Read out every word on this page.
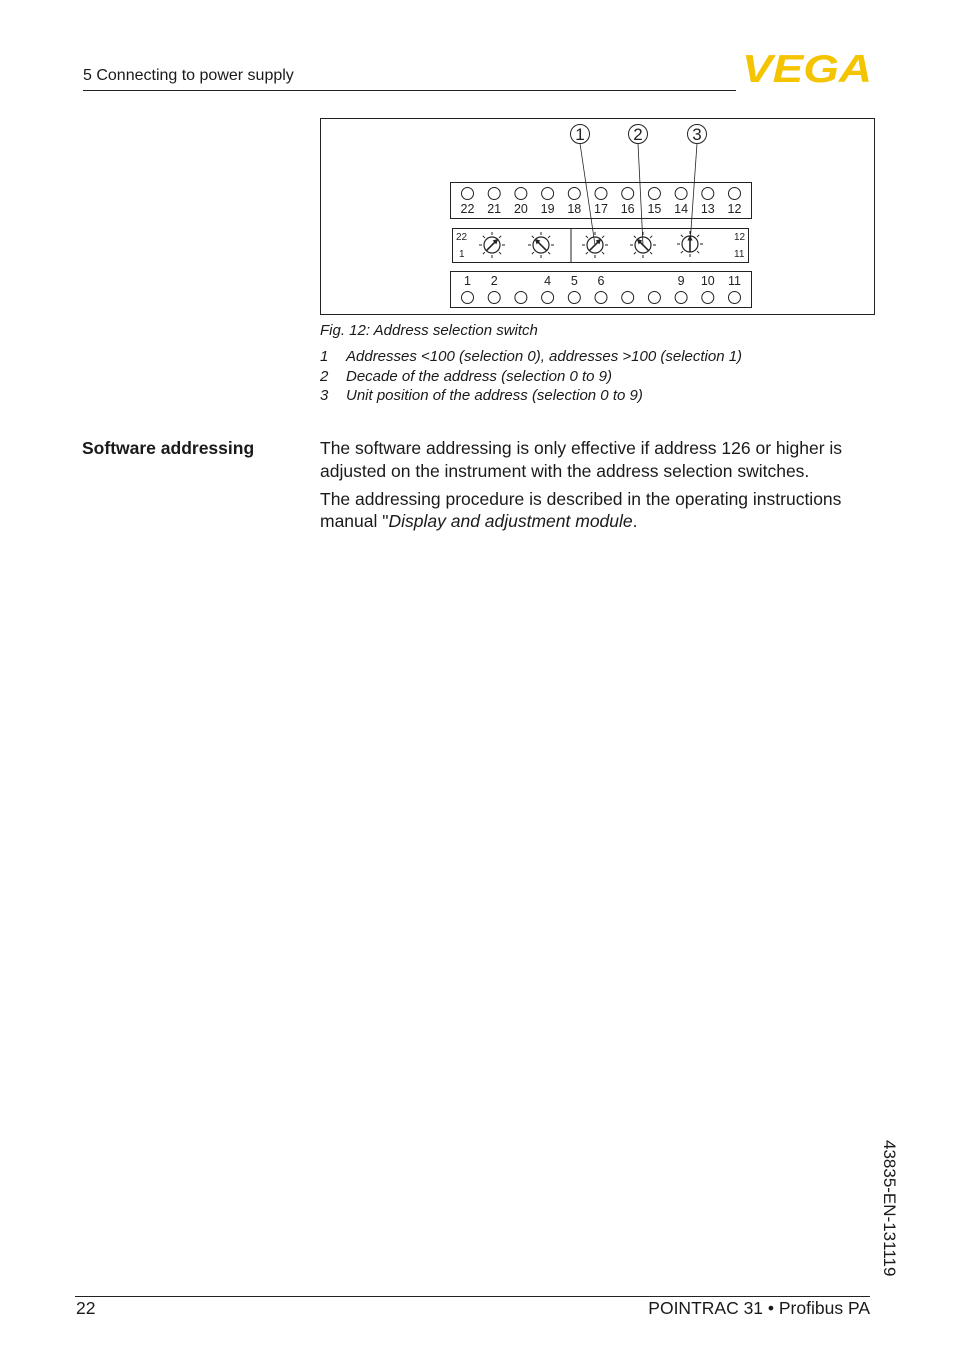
5 Connecting to power supply	VEGA
22 21 20 19 18 17 16 15 14 13 12
22
1
12
11
1 2	4 5 6	9 10 11
1	2	3
Fig. 12: Address selection switch
1 Addresses <100 (selection 0), addresses >100 (selection 1)
2 Decade of the address (selection 0 to 9)
3 Unit position of the address (selection 0 to 9)
Software addressing	The software addressing is only effective if address 126 or higher is adjusted on the instrument with the address selection switches.

The addressing procedure is described in the operating instructions manual "Display and adjustment module.

43835-EN-131119
22	POINTRAC 31 • Profibus PA
